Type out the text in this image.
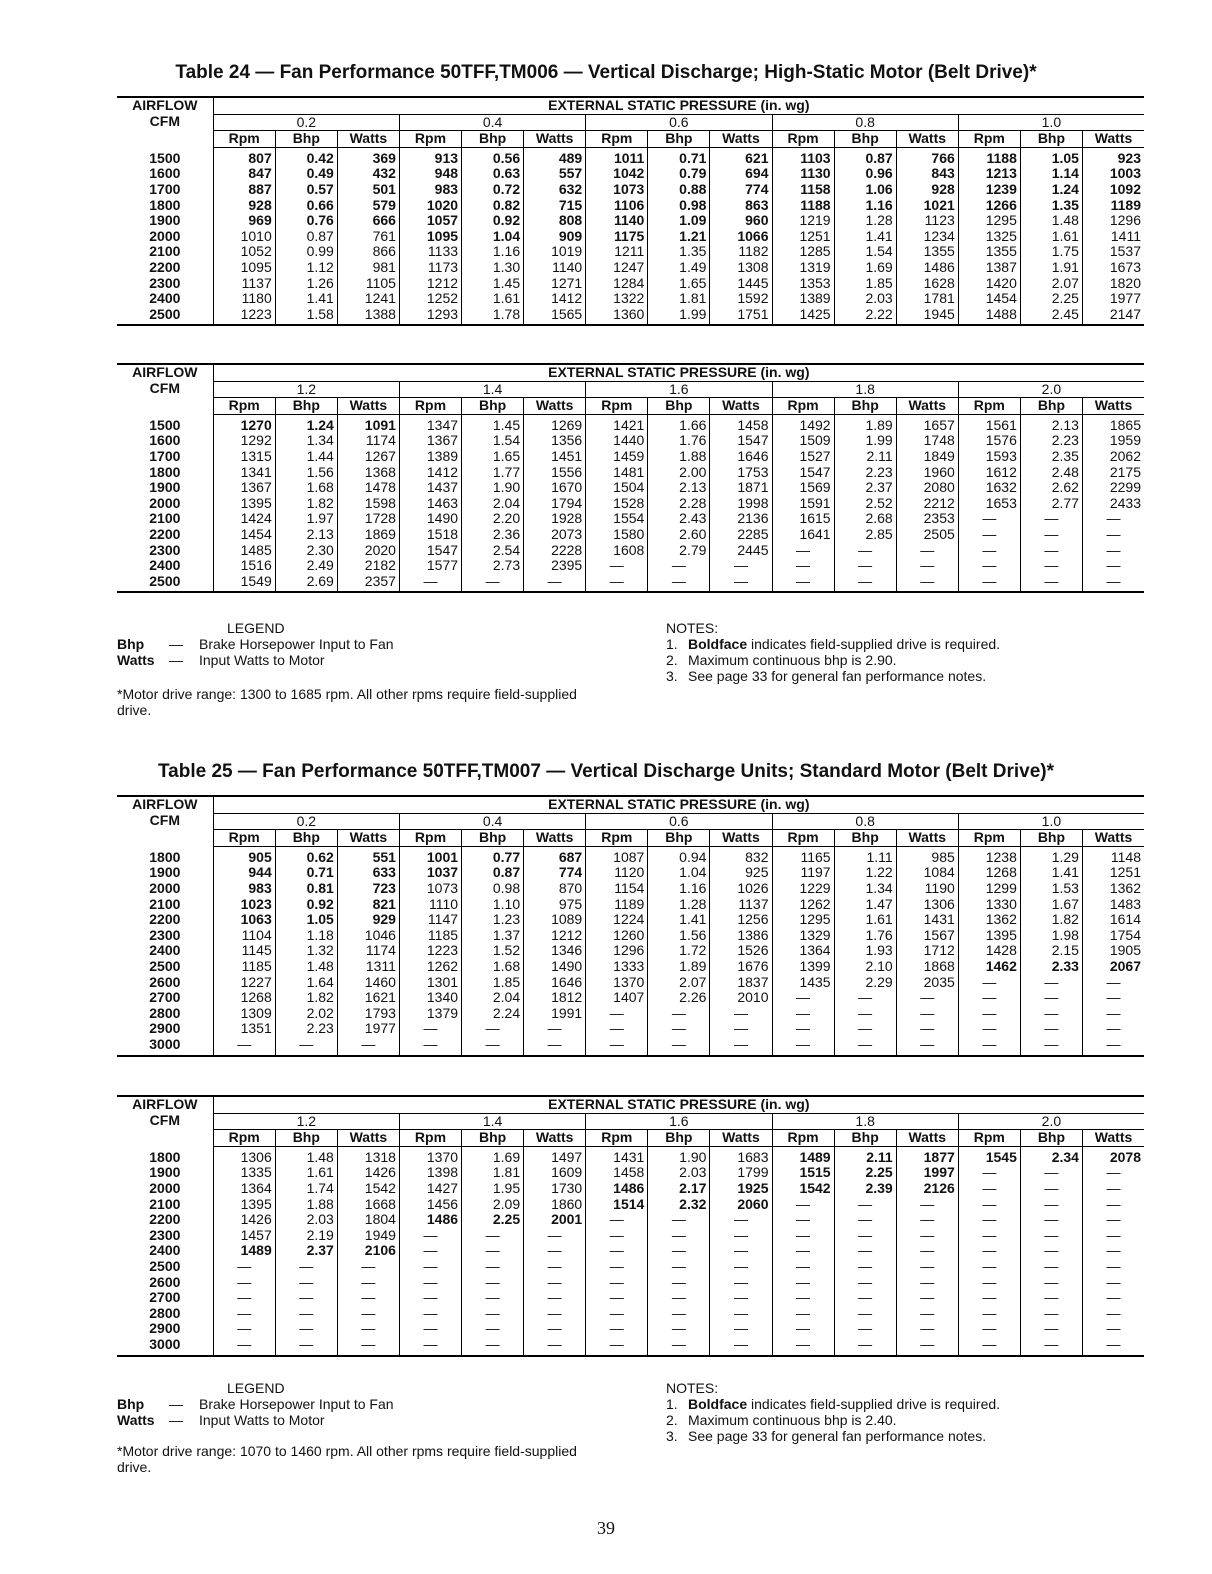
Table 24 — Fan Performance 50TFF,TM006 — Vertical Discharge; High-Static Motor (Belt Drive)*
AIRFLOW
CFM	EXTERNAL STATIC PRESSURE (in. wg)														
	0.2			0.4			0.6			0.8			1.0		
	Rpm	Bhp	Watts	Rpm	Bhp	Watts	Rpm	Bhp	Watts	Rpm	Bhp	Watts	Rpm	Bhp	Watts
1500	807	0.42	369	913	0.56	489	1011	0.71	621	1103	0.87	766	1188	1.05	923
1600	847	0.49	432	948	0.63	557	1042	0.79	694	1130	0.96	843	1213	1.14	1003
1700	887	0.57	501	983	0.72	632	1073	0.88	774	1158	1.06	928	1239	1.24	1092
1800	928	0.66	579	1020	0.82	715	1106	0.98	863	1188	1.16	1021	1266	1.35	1189
1900	969	0.76	666	1057	0.92	808	1140	1.09	960	1219	1.28	1123	1295	1.48	1296
2000	1010	0.87	761	1095	1.04	909	1175	1.21	1066	1251	1.41	1234	1325	1.61	1411
2100	1052	0.99	866	1133	1.16	1019	1211	1.35	1182	1285	1.54	1355	1355	1.75	1537
2200	1095	1.12	981	1173	1.30	1140	1247	1.49	1308	1319	1.69	1486	1387	1.91	1673
2300	1137	1.26	1105	1212	1.45	1271	1284	1.65	1445	1353	1.85	1628	1420	2.07	1820
2400	1180	1.41	1241	1252	1.61	1412	1322	1.81	1592	1389	2.03	1781	1454	2.25	1977
2500	1223	1.58	1388	1293	1.78	1565	1360	1.99	1751	1425	2.22	1945	1488	2.45	2147
AIRFLOW
CFM	EXTERNAL STATIC PRESSURE (in. wg)														
	1.2			1.4			1.6			1.8			2.0		
	Rpm	Bhp	Watts	Rpm	Bhp	Watts	Rpm	Bhp	Watts	Rpm	Bhp	Watts	Rpm	Bhp	Watts
1500	1270	1.24	1091	1347	1.45	1269	1421	1.66	1458	1492	1.89	1657	1561	2.13	1865
1600	1292	1.34	1174	1367	1.54	1356	1440	1.76	1547	1509	1.99	1748	1576	2.23	1959
1700	1315	1.44	1267	1389	1.65	1451	1459	1.88	1646	1527	2.11	1849	1593	2.35	2062
1800	1341	1.56	1368	1412	1.77	1556	1481	2.00	1753	1547	2.23	1960	1612	2.48	2175
1900	1367	1.68	1478	1437	1.90	1670	1504	2.13	1871	1569	2.37	2080	1632	2.62	2299
2000	1395	1.82	1598	1463	2.04	1794	1528	2.28	1998	1591	2.52	2212	1653	2.77	2433
2100	1424	1.97	1728	1490	2.20	1928	1554	2.43	2136	1615	2.68	2353	—	—	—
2200	1454	2.13	1869	1518	2.36	2073	1580	2.60	2285	1641	2.85	2505	—	—	—
2300	1485	2.30	2020	1547	2.54	2228	1608	2.79	2445	—	—	—	—	—	—
2400	1516	2.49	2182	1577	2.73	2395	—	—	—	—	—	—	—	—	—
2500	1549	2.69	2357	—	—	—	—	—	—	—	—	—	—	—	—
LEGEND
Bhp	—	Brake Horsepower Input to Fan
Watts	—	Input Watts to Motor
*Motor drive range: 1300 to 1685 rpm. All other rpms require field-supplied drive.
NOTES:
1. Boldface indicates field-supplied drive is required.
2. Maximum continuous bhp is 2.90.
3. See page 33 for general fan performance notes.
Table 25 — Fan Performance 50TFF,TM007 — Vertical Discharge Units; Standard Motor (Belt Drive)*
AIRFLOW
CFM	EXTERNAL STATIC PRESSURE (in. wg)														
	0.2			0.4			0.6			0.8			1.0		
	Rpm	Bhp	Watts	Rpm	Bhp	Watts	Rpm	Bhp	Watts	Rpm	Bhp	Watts	Rpm	Bhp	Watts
1800	905	0.62	551	1001	0.77	687	1087	0.94	832	1165	1.11	985	1238	1.29	1148
1900	944	0.71	633	1037	0.87	774	1120	1.04	925	1197	1.22	1084	1268	1.41	1251
2000	983	0.81	723	1073	0.98	870	1154	1.16	1026	1229	1.34	1190	1299	1.53	1362
2100	1023	0.92	821	1110	1.10	975	1189	1.28	1137	1262	1.47	1306	1330	1.67	1483
2200	1063	1.05	929	1147	1.23	1089	1224	1.41	1256	1295	1.61	1431	1362	1.82	1614
2300	1104	1.18	1046	1185	1.37	1212	1260	1.56	1386	1329	1.76	1567	1395	1.98	1754
2400	1145	1.32	1174	1223	1.52	1346	1296	1.72	1526	1364	1.93	1712	1428	2.15	1905
2500	1185	1.48	1311	1262	1.68	1490	1333	1.89	1676	1399	2.10	1868	1462	2.33	2067
2600	1227	1.64	1460	1301	1.85	1646	1370	2.07	1837	1435	2.29	2035	—	—	—
2700	1268	1.82	1621	1340	2.04	1812	1407	2.26	2010	—	—	—	—	—	—
2800	1309	2.02	1793	1379	2.24	1991	—	—	—	—	—	—	—	—	—
2900	1351	2.23	1977	—	—	—	—	—	—	—	—	—	—	—	—
3000	—	—	—	—	—	—	—	—	—	—	—	—	—	—	—
AIRFLOW
CFM	EXTERNAL STATIC PRESSURE (in. wg)														
	1.2			1.4			1.6			1.8			2.0		
	Rpm	Bhp	Watts	Rpm	Bhp	Watts	Rpm	Bhp	Watts	Rpm	Bhp	Watts	Rpm	Bhp	Watts
1800	1306	1.48	1318	1370	1.69	1497	1431	1.90	1683	1489	2.11	1877	1545	2.34	2078
1900	1335	1.61	1426	1398	1.81	1609	1458	2.03	1799	1515	2.25	1997	—	—	—
2000	1364	1.74	1542	1427	1.95	1730	1486	2.17	1925	1542	2.39	2126	—	—	—
2100	1395	1.88	1668	1456	2.09	1860	1514	2.32	2060	—	—	—	—	—	—
2200	1426	2.03	1804	1486	2.25	2001	—	—	—	—	—	—	—	—	—
2300	1457	2.19	1949	—	—	—	—	—	—	—	—	—	—	—	—
2400	1489	2.37	2106	—	—	—	—	—	—	—	—	—	—	—	—
2500	—	—	—	—	—	—	—	—	—	—	—	—	—	—	—
2600	—	—	—	—	—	—	—	—	—	—	—	—	—	—	—
2700	—	—	—	—	—	—	—	—	—	—	—	—	—	—	—
2800	—	—	—	—	—	—	—	—	—	—	—	—	—	—	—
2900	—	—	—	—	—	—	—	—	—	—	—	—	—	—	—
3000	—	—	—	—	—	—	—	—	—	—	—	—	—	—	—
LEGEND
Bhp	—	Brake Horsepower Input to Fan
Watts	—	Input Watts to Motor
*Motor drive range: 1070 to 1460 rpm. All other rpms require field-supplied drive.
NOTES:
1. Boldface indicates field-supplied drive is required.
2. Maximum continuous bhp is 2.40.
3. See page 33 for general fan performance notes.
39
